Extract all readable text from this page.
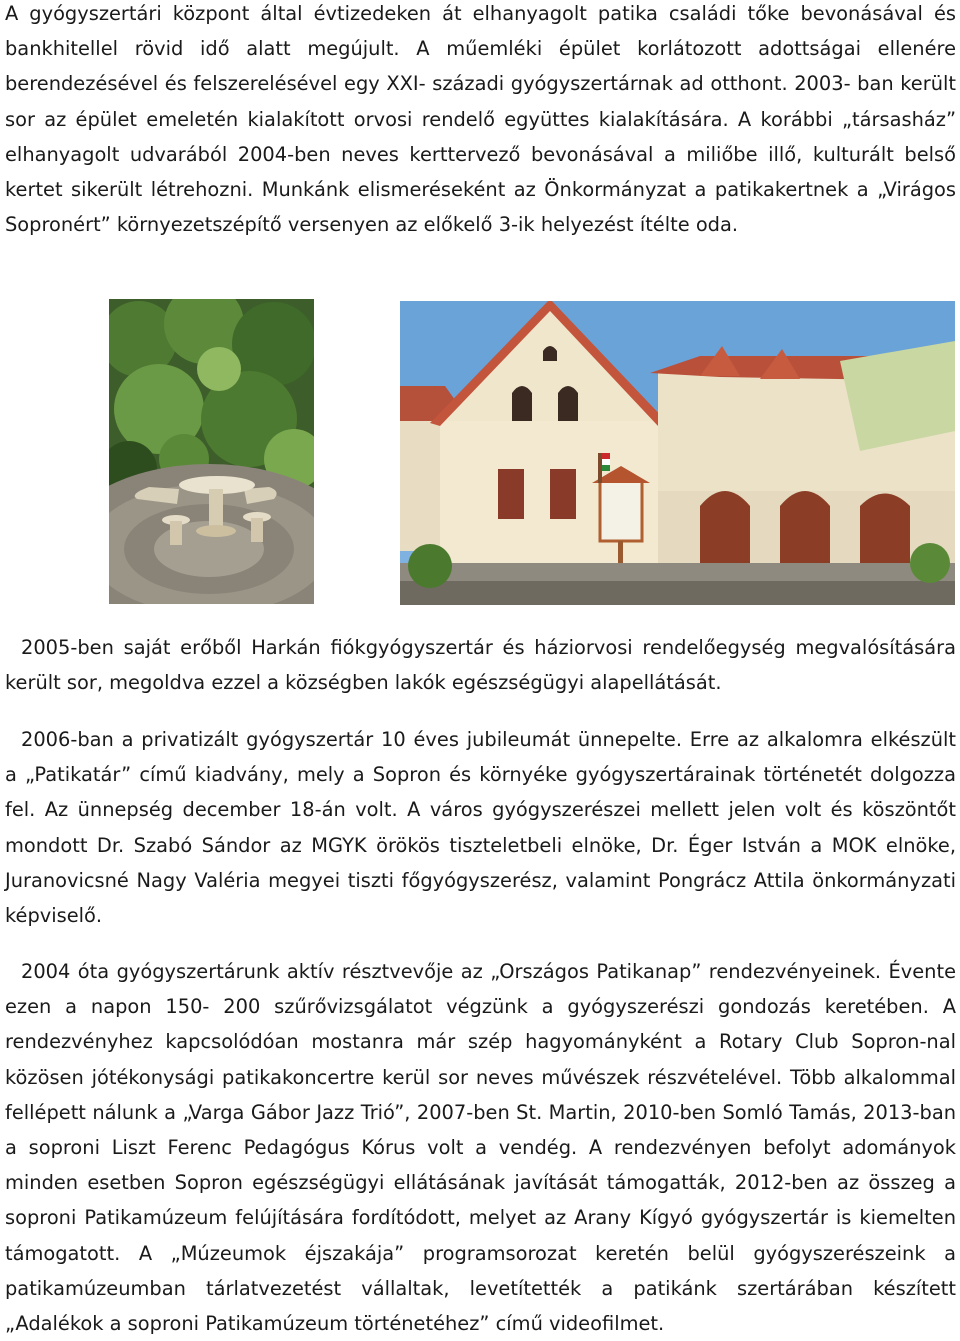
A gyógyszertári központ által évtizedeken át elhanyagolt patika családi tőke bevonásával és bankhitellel rövid idő alatt megújult. A műemléki épület korlátozott adottságai ellenére berendezésével és felszerelésével egy XXI- századi gyógyszertárnak ad otthont. 2003- ban került sor az épület emeletén kialakított orvosi rendelő együttes kialakítására. A korábbi „társasház” elhanyagolt udvarából 2004-ben neves kerttervező bevonásával a miliőbe illő, kulturált belső kertet sikerült létrehozni. Munkánk elismeréseként az Önkormányzat a patikakertnek a „Virágos Sopronért” környezetszépítő versenyen az előkelő 3-ik helyezést ítélte oda.

2005-ben saját erőből Harkán fiókgyógyszertár és háziorvosi rendelőegység megvalósítására került sor, megoldva ezzel a községben lakók egészségügyi alapellátását.

2006-ban a privatizált gyógyszertár 10 éves jubileumát ünnepelte. Erre az alkalomra elkészült a „Patikatár” című kiadvány, mely a Sopron és környéke gyógyszertárainak történetét dolgozza fel. Az ünnepség december 18-án volt. A város gyógyszerészei mellett jelen volt és köszöntőt mondott Dr. Szabó Sándor az MGYK örökös tiszteletbeli elnöke, Dr. Éger István a MOK elnöke, Juranovicsné Nagy Valéria megyei tiszti főgyógyszerész, valamint Pongrácz Attila önkormányzati képviselő.

2004 óta gyógyszertárunk aktív résztvevője az „Országos Patikanap” rendezvényeinek. Évente ezen a napon 150- 200 szűrővizsgálatot végzünk a gyógyszerészi gondozás keretében. A rendezvényhez kapcsolódóan mostanra már szép hagyományként a Rotary Club Sopron-nal közösen jótékonysági patikakoncertre kerül sor neves művészek részvételével. Több alkalommal fellépett nálunk a „Varga Gábor Jazz Trió”, 2007-ben St. Martin, 2010-ben Somló Tamás, 2013-ban a soproni Liszt Ferenc Pedagógus Kórus volt a vendég. A rendezvényen befolyt adományok minden esetben Sopron egészségügyi ellátásának javítását támogatták, 2012-ben az összeg a soproni Patikamúzeum felújítására fordítódott, melyet az Arany Kígyó gyógyszertár is kiemelten támogatott. A „Múzeumok éjszakája” programsorozat keretén belül gyógyszerészeink a patikamúzeumban tárlatvezetést vállaltak, levetítették a patikánk szertárában készített „Adalékok a soproni Patikamúzeum történetéhez” című videofilmet.
